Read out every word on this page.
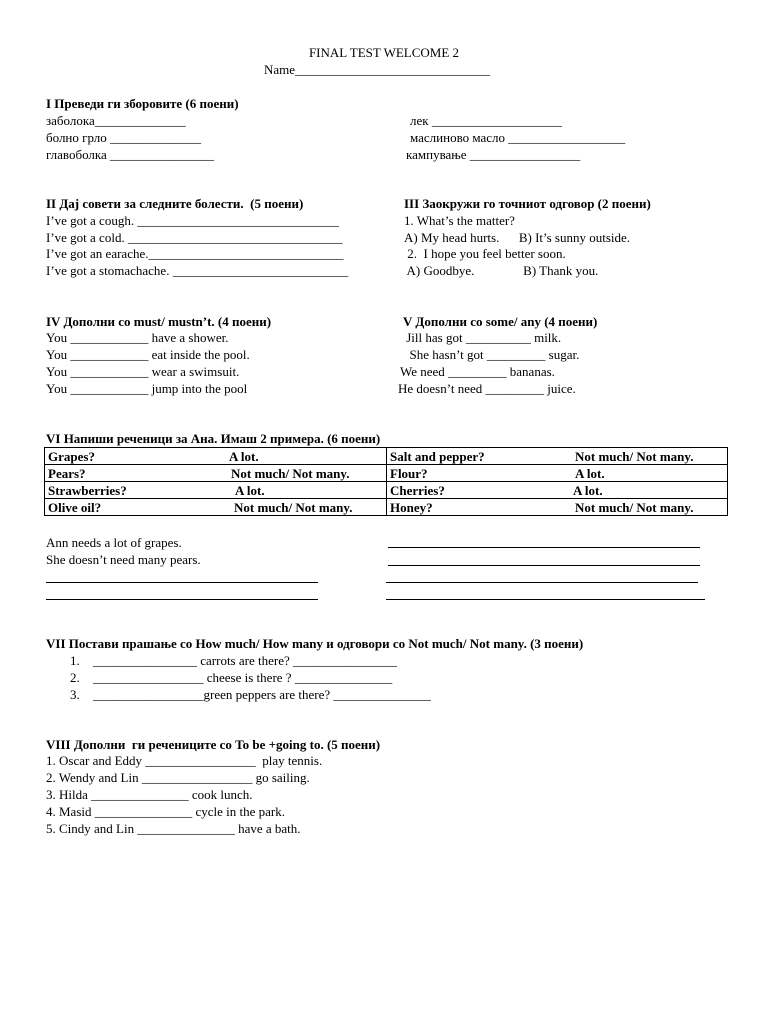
FINAL TEST WELCOME 2
Name______________________________
I Преведи ги зборовите (6 поени)
заболока______________
болно грло ______________
главоболка ________________
лек ____________________
маслиново масло __________________
кампување _________________
II Дај совети за следните болести.  (5 поени)
I’ve got a cough. _______________________________
I’ve got a cold. _________________________________
I’ve got an earache.______________________________
I’ve got a stomachache. ___________________________
III Заокружи го точниот одговор (2 поени)
1. What’s the matter?
A) My head hurts.      B) It’s sunny outside.
2.  I hope you feel better soon.
A) Goodbye.               B) Thank you.
IV Дополни со must/ mustn’t. (4 поени)
You ____________ have a shower.
You ____________ eat inside the pool.
You ____________ wear a swimsuit.
You ____________ jump into the pool
V Дополни со some/ any (4 поени)
Jill has got __________ milk.
She hasn’t got _________ sugar.
We need _________ bananas.
He doesn’t need _________ juice.
VI Напиши реченици за Ана. Имаш 2 примера. (6 поени)
Grapes? A lot.	Salt and pepper? Not much/ Not many.

Pears? Not much/ Not many.	Flour? A lot.

Strawberries? A lot.	Cherries? A lot.

Olive oil? Not much/ Not many.	Honey? Not much/ Not many.
Ann needs a lot of grapes.
She doesn’t need many pears.
VII Постави прашање со How much/ How many и одговори со Not much/ Not many. (3 поени)
1.
2.
3.
________________ carrots are there? ________________
_________________ cheese is there ? _______________
_________________green peppers are there? _______________
VIII Дополни  ги речениците со To be +going to. (5 поени)
1. Oscar and Eddy _________________  play tennis.
2. Wendy and Lin _________________ go sailing.
3. Hilda _______________ cook lunch.
4. Masid _______________ cycle in the park.
5. Cindy and Lin _______________ have a bath.
